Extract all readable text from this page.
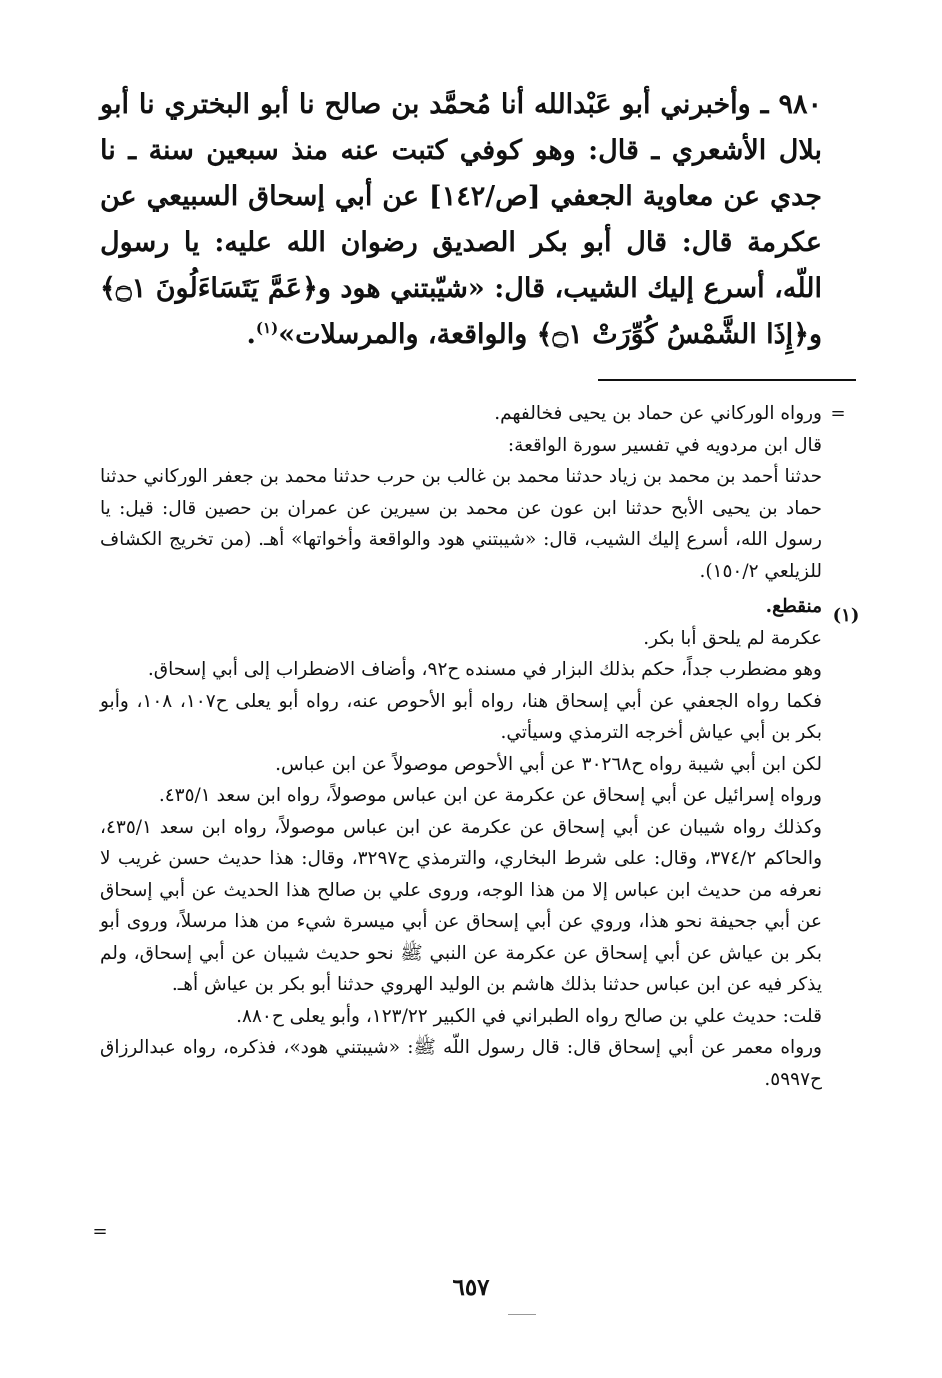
٩٨٠ ـ وأخبرني أبو عَبْدالله أنا مُحمَّد بن صالح نا أبو البختري نا أبو بلال الأشعري ـ قال: وهو كوفي كتبت عنه منذ سبعين سنة ـ نا جدي عن معاوية الجعفي [ص/١٤٢] عن أبي إسحاق السبيعي عن عكرمة قال: قال أبو بكر الصديق رضوان الله عليه: يا رسول اللّه، أسرع إليك الشيب، قال: «شيّبتني هود و﴿عَمَّ يَتَسَاءَلُونَ ۝١﴾ و﴿إِذَا الشَّمْسُ كُوِّرَتْ ۝١﴾ والواقعة، والمرسلات»$^{(١)}$.

=
(١)

ورواه الوركاني عن حماد بن يحيى فخالفهم.

قال ابن مردويه في تفسير سورة الواقعة:

حدثنا أحمد بن محمد بن زياد حدثنا محمد بن غالب بن حرب حدثنا محمد بن جعفر الوركاني حدثنا حماد بن يحيى الأبح حدثنا ابن عون عن محمد بن سيرين عن عمران بن حصين قال: قيل: يا رسول الله، أسرع إليك الشيب، قال: «شيبتني هود والواقعة وأخواتها» أهـ. (من تخريج الكشاف للزيلعي ١٥٠/٢).

منقطع.

عكرمة لم يلحق أبا بكر.

وهو مضطرب جداً، حكم بذلك البزار في مسنده ح٩٢، وأضاف الاضطراب إلى أبي إسحاق.

فكما رواه الجعفي عن أبي إسحاق هنا، رواه أبو الأحوص عنه، رواه أبو يعلى ح١٠٧، ١٠٨، وأبو بكر بن أبي عياش أخرجه الترمذي وسيأتي.

لكن ابن أبي شيبة رواه ح٣٠٢٦٨ عن أبي الأحوص موصولاً عن ابن عباس.

ورواه إسرائيل عن أبي إسحاق عن عكرمة عن ابن عباس موصولاً، رواه ابن سعد ٤٣٥/١.

وكذلك رواه شيبان عن أبي إسحاق عن عكرمة عن ابن عباس موصولاً، رواه ابن سعد ٤٣٥/١، والحاكم ٣٧٤/٢، وقال: على شرط البخاري، والترمذي ح٣٢٩٧، وقال: هذا حديث حسن غريب لا نعرفه من حديث ابن عباس إلا من هذا الوجه، وروى علي بن صالح هذا الحديث عن أبي إسحاق عن أبي جحيفة نحو هذا، وروي عن أبي إسحاق عن أبي ميسرة شيء من هذا مرسلاً، وروى أبو بكر بن عياش عن أبي إسحاق عن عكرمة عن النبي ﷺ نحو حديث شيبان عن أبي إسحاق، ولم يذكر فيه عن ابن عباس حدثنا بذلك هاشم بن الوليد الهروي حدثنا أبو بكر بن عياش أهـ.

قلت: حديث علي بن صالح رواه الطبراني في الكبير ١٢٣/٢٢، وأبو يعلى ح٨٨٠.

ورواه معمر عن أبي إسحاق قال: قال رسول اللّه ﷺ: «شيبتني هود»، فذكره، رواه عبدالرزاق ح٥٩٩٧.

=
٦٥٧
